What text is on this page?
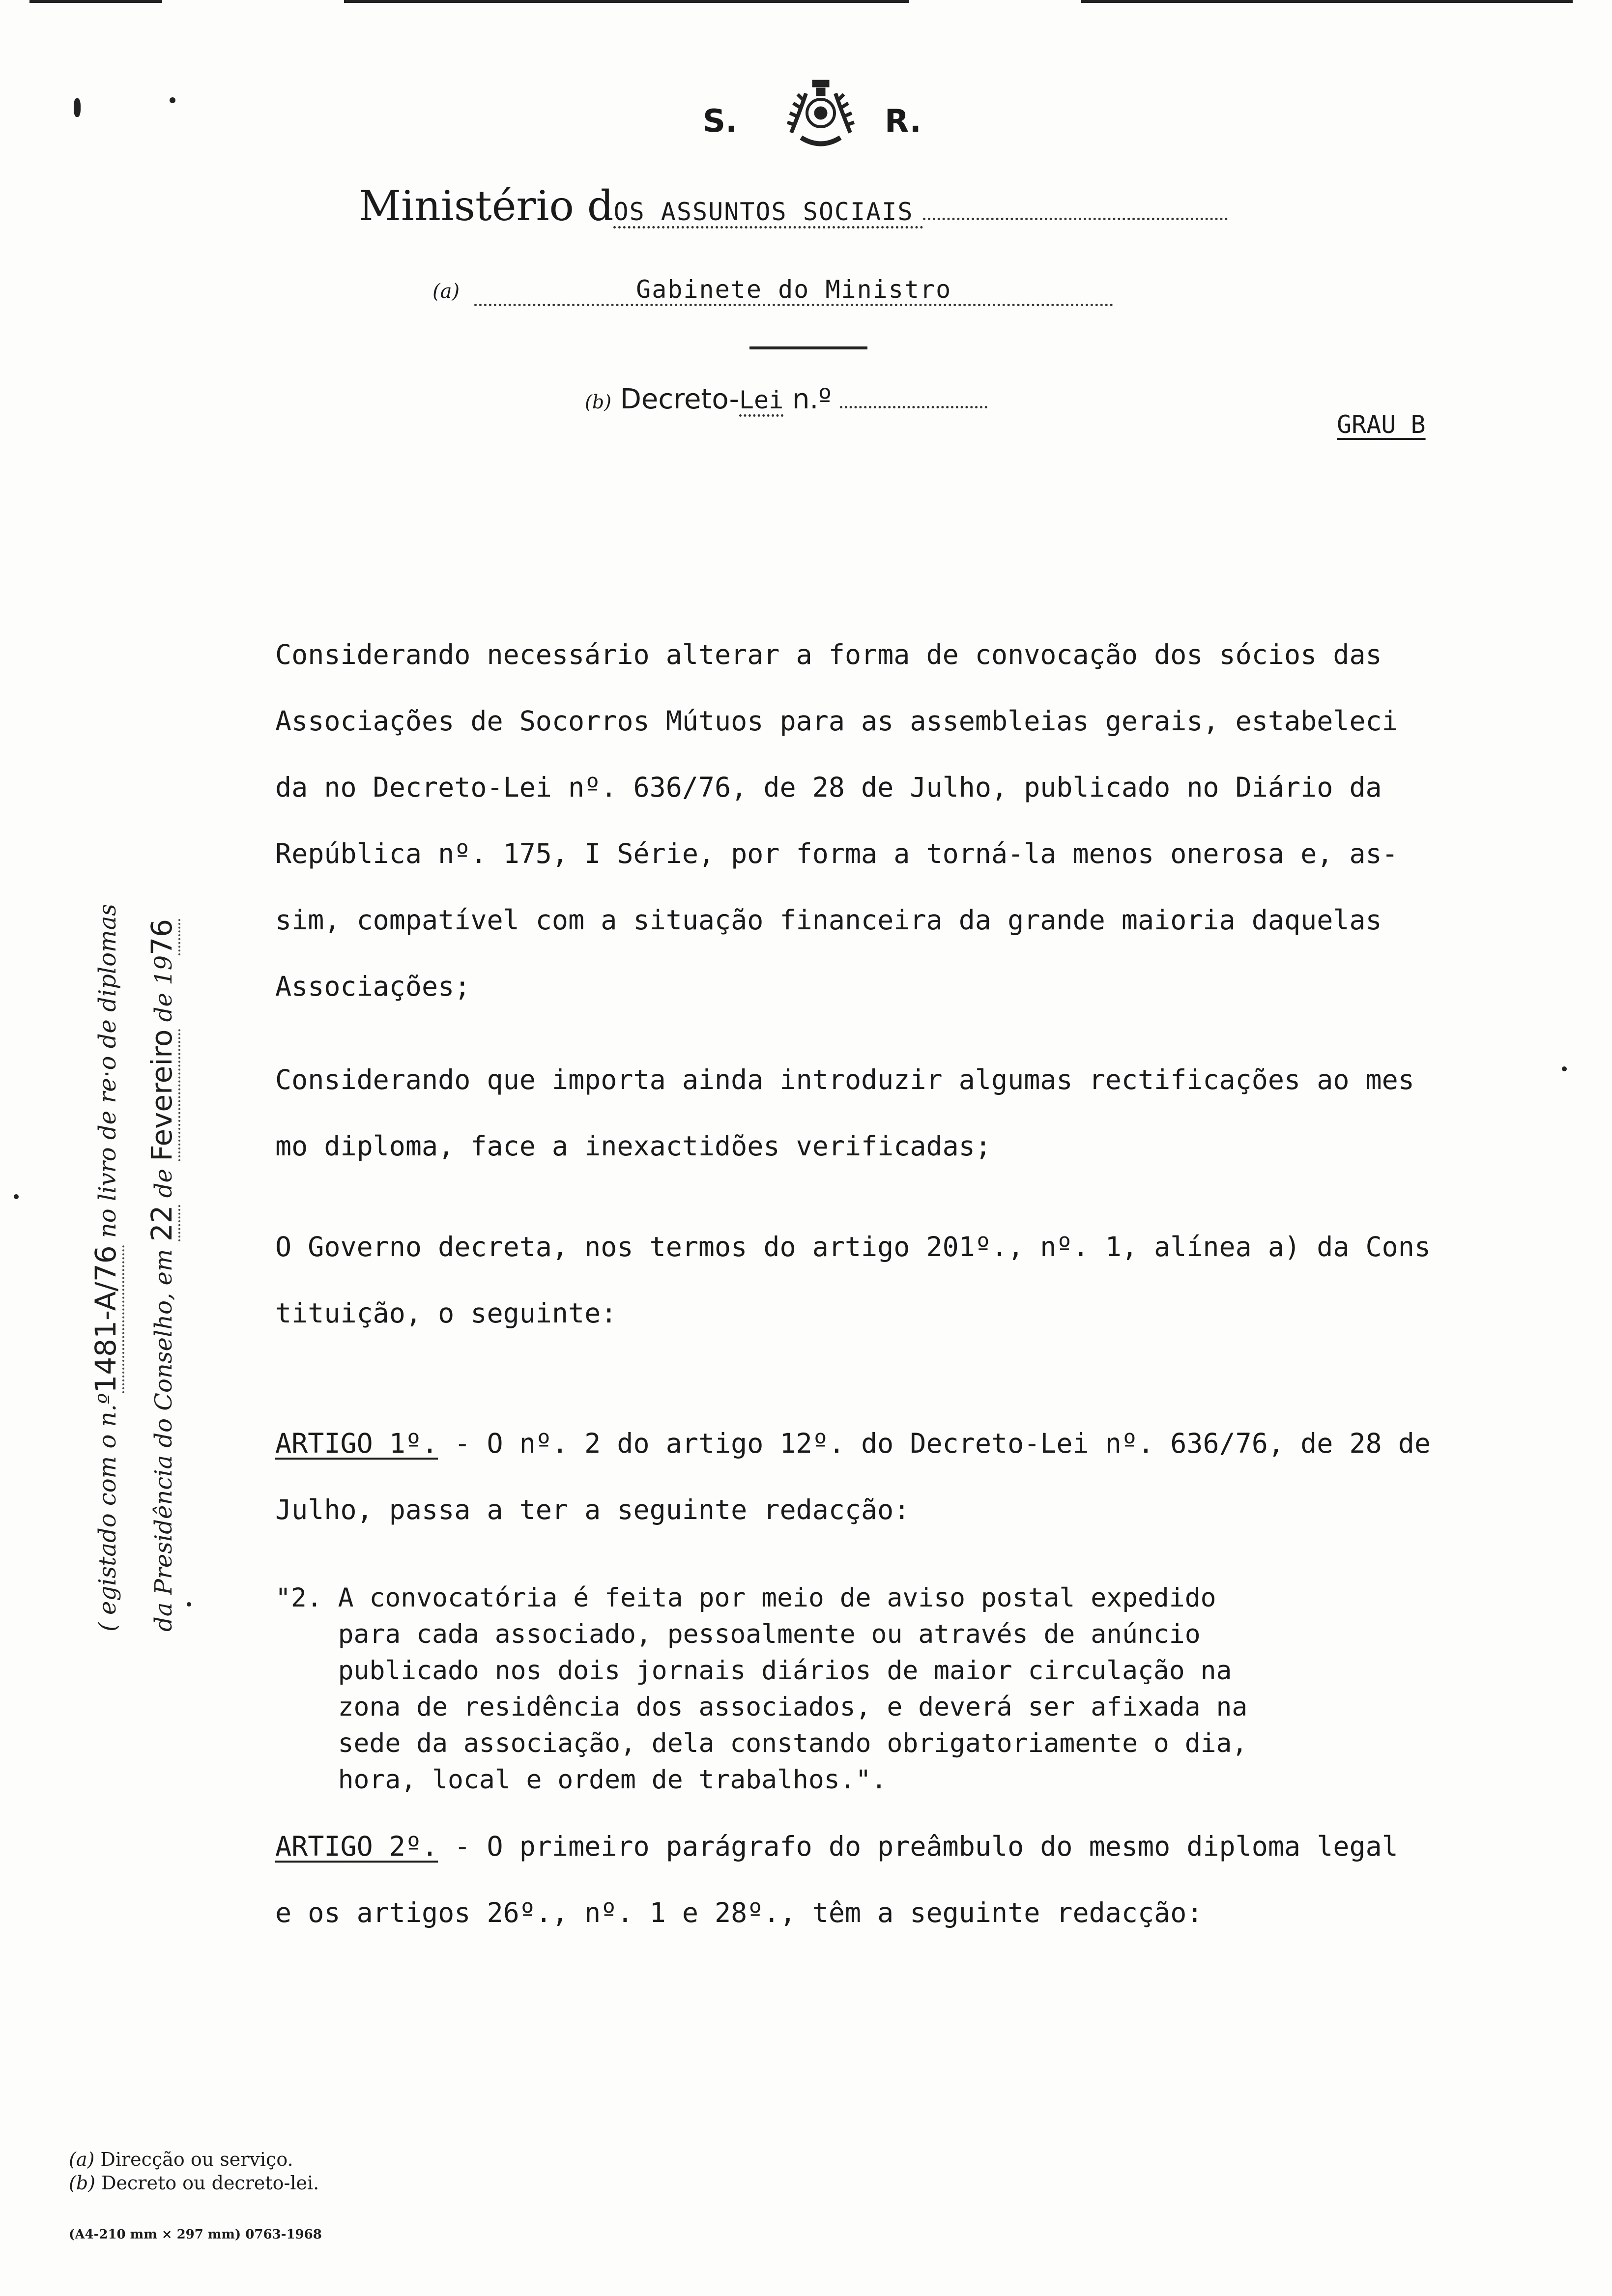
S.	R.
Ministério dOS ASSUNTOS SOCIAIS
(a)	Gabinete do Ministro
(b) Decreto-Lei n.º
GRAU B
Considerando necessário alterar a forma de convocação dos sócios das
Associações de Socorros Mútuos para as assembleias gerais, estabeleci
da no Decreto-Lei nº. 636/76, de 28 de Julho, publicado no Diário da
República nº. 175, I Série, por forma a torná-la menos onerosa e, as-
sim, compatível com a situação financeira da grande maioria daquelas
Associações;
Considerando que importa ainda introduzir algumas rectificações ao mes
mo diploma, face a inexactidões verificadas;
O Governo decreta, nos termos do artigo 201º., nº. 1, alínea a) da Cons
tituição, o seguinte:
ARTIGO 1º. - O nº. 2 do artigo 12º. do Decreto-Lei nº. 636/76, de 28 de
Julho, passa a ter a seguinte redacção:
"2. A convocatória é feita por meio de aviso postal expedido
para cada associado, pessoalmente ou através de anúncio
publicado nos dois jornais diários de maior circulação na
zona de residência dos associados, e deverá ser afixada na
sede da associação, dela constando obrigatoriamente o dia,
hora, local e ordem de trabalhos.".
ARTIGO 2º. - O primeiro parágrafo do preâmbulo do mesmo diploma legal
e os artigos 26º., nº. 1 e 28º., têm a seguinte redacção:
( egistado com o n.º1481-A/76 no livro de re·o de diplomas
da Presidência do Conselho, em 22 de Fevereiro de 1976
(a) Direcção ou serviço.
(b) Decreto ou decreto-lei.
(A4-210 mm × 297 mm) 0763-1968
